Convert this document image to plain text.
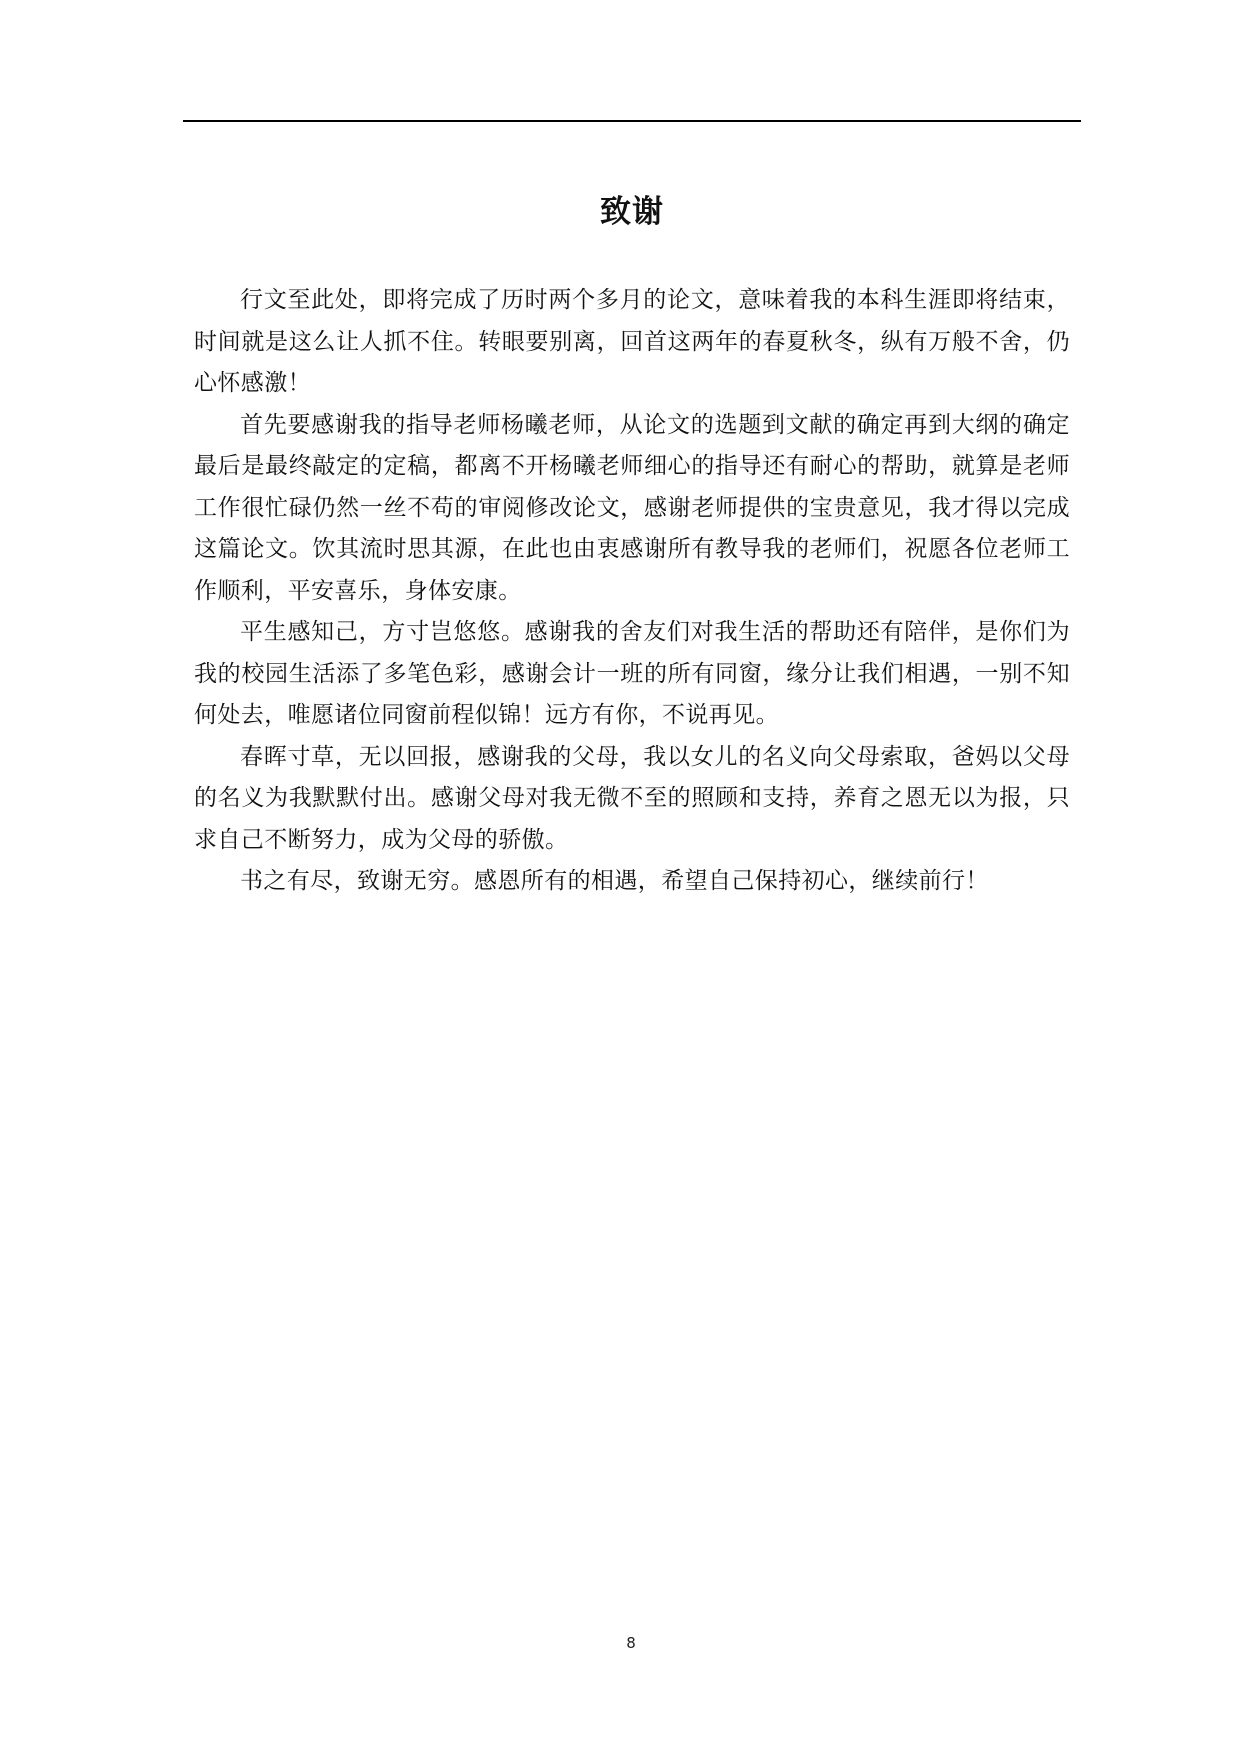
致谢

行文至此处，即将完成了历时两个多月的论文，意味着我的本科生涯即将结束，时间就是这么让人抓不住。转眼要别离，回首这两年的春夏秋冬，纵有万般不舍，仍心怀感激！

首先要感谢我的指导老师杨曦老师，从论文的选题到文献的确定再到大纲的确定最后是最终敲定的定稿，都离不开杨曦老师细心的指导还有耐心的帮助，就算是老师工作很忙碌仍然一丝不苟的审阅修改论文，感谢老师提供的宝贵意见，我才得以完成这篇论文。饮其流时思其源，在此也由衷感谢所有教导我的老师们，祝愿各位老师工作顺利，平安喜乐，身体安康。

平生感知己，方寸岂悠悠。感谢我的舍友们对我生活的帮助还有陪伴，是你们为我的校园生活添了多笔色彩，感谢会计一班的所有同窗，缘分让我们相遇，一别不知何处去，唯愿诸位同窗前程似锦！远方有你，不说再见。

春晖寸草，无以回报，感谢我的父母，我以女儿的名义向父母索取，爸妈以父母的名义为我默默付出。感谢父母对我无微不至的照顾和支持，养育之恩无以为报，只求自己不断努力，成为父母的骄傲。

书之有尽，致谢无穷。感恩所有的相遇，希望自己保持初心，继续前行！

8
